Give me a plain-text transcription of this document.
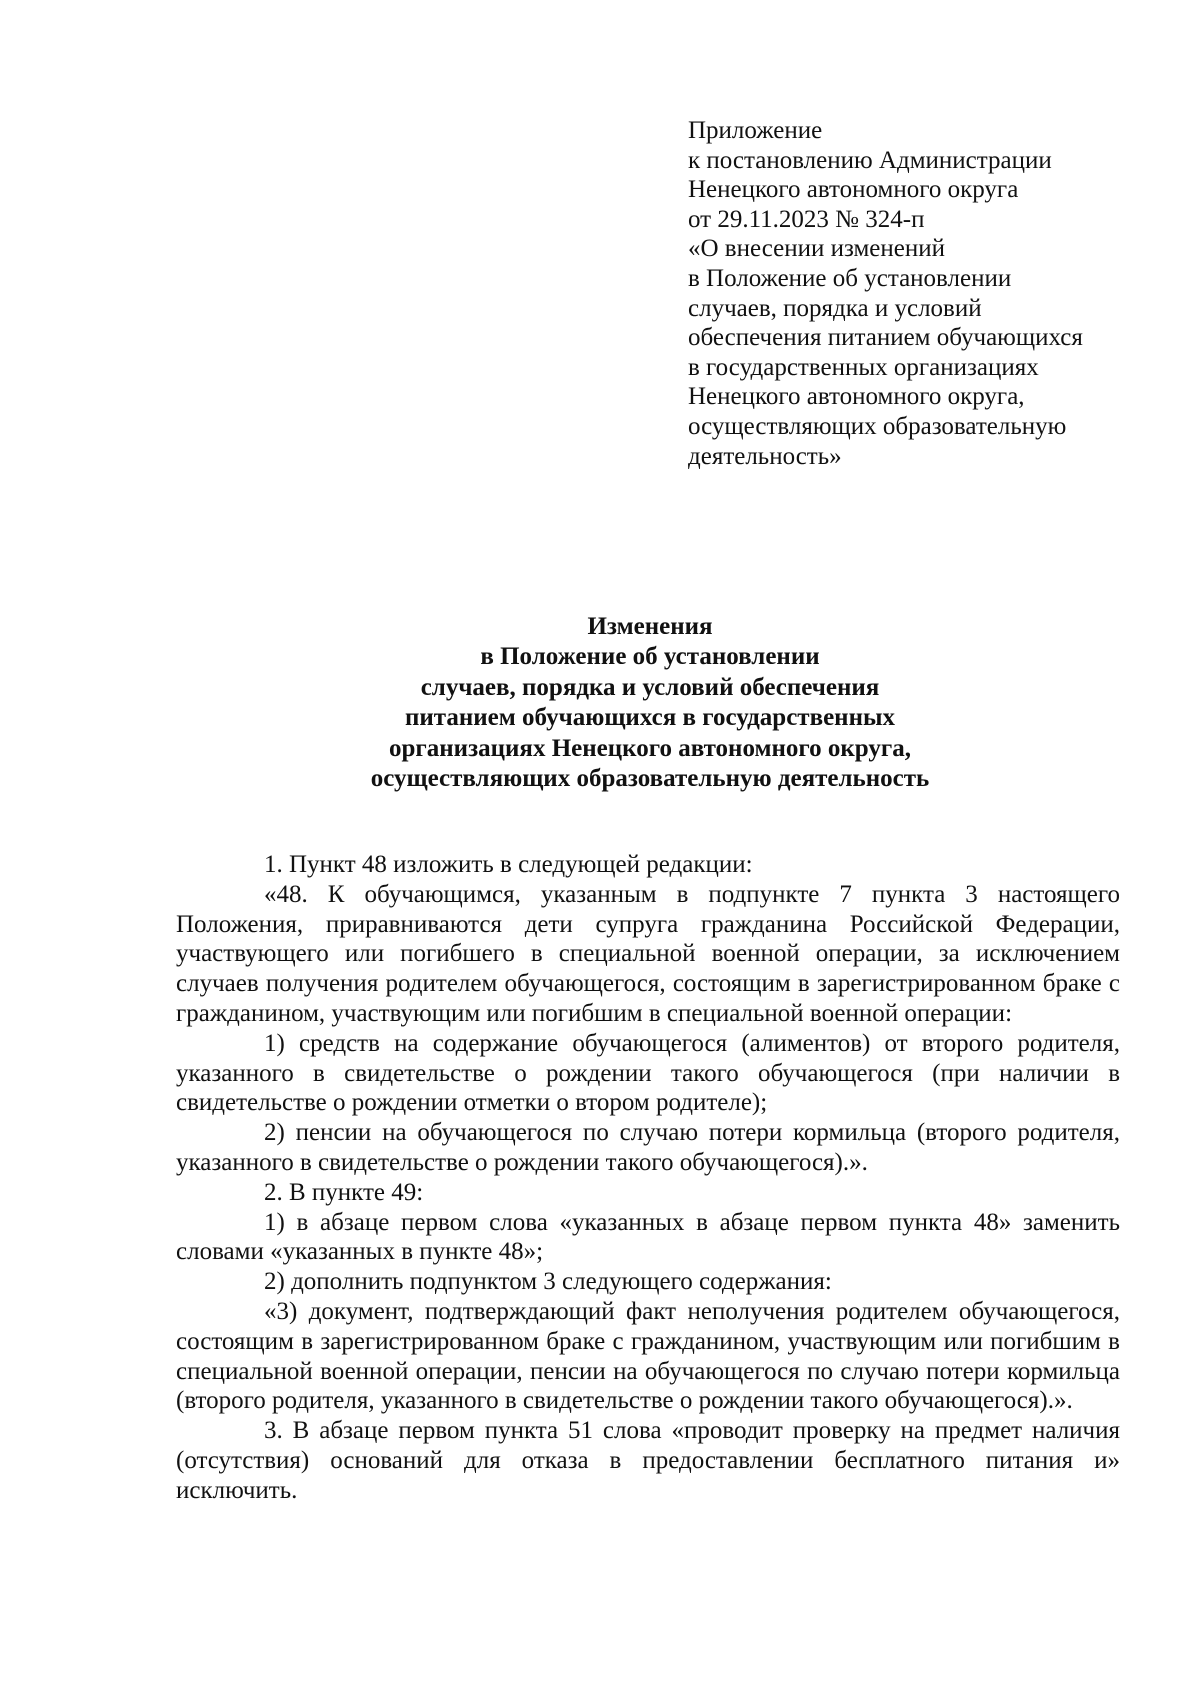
Приложение
к постановлению Администрации
Ненецкого автономного округа
от 29.11.2023 № 324-п
«О внесении изменений
в Положение об установлении
случаев, порядка и условий
обеспечения питанием обучающихся
в государственных организациях
Ненецкого автономного округа,
осуществляющих образовательную
деятельность»
Изменения
в Положение об установлении
случаев, порядка и условий обеспечения
питанием обучающихся в государственных
организациях Ненецкого автономного округа,
осуществляющих образовательную деятельность

1. Пункт 48 изложить в следующей редакции:

«48. К обучающимся, указанным в подпункте 7 пункта 3 настоящего Положения, приравниваются дети супруга гражданина Российской Федерации, участвующего или погибшего в специальной военной операции, за исключением случаев получения родителем обучающегося, состоящим в зарегистрированном браке с гражданином, участвующим или погибшим в специальной военной операции:

1) средств на содержание обучающегося (алиментов) от второго родителя, указанного в свидетельстве о рождении такого обучающегося (при наличии в свидетельстве о рождении отметки о втором родителе);

2) пенсии на обучающегося по случаю потери кормильца (второго родителя, указанного в свидетельстве о рождении такого обучающегося).».

2. В пункте 49:

1) в абзаце первом слова «указанных в абзаце первом пункта 48» заменить словами «указанных в пункте 48»;

2) дополнить подпунктом 3 следующего содержания:

«3) документ, подтверждающий факт неполучения родителем обучающегося, состоящим в зарегистрированном браке с гражданином, участвующим или погибшим в специальной военной операции, пенсии на обучающегося по случаю потери кормильца (второго родителя, указанного в свидетельстве о рождении такого обучающегося).».

3. В абзаце первом пункта 51 слова «проводит проверку на предмет наличия (отсутствия) оснований для отказа в предоставлении бесплатного питания и» исключить.
